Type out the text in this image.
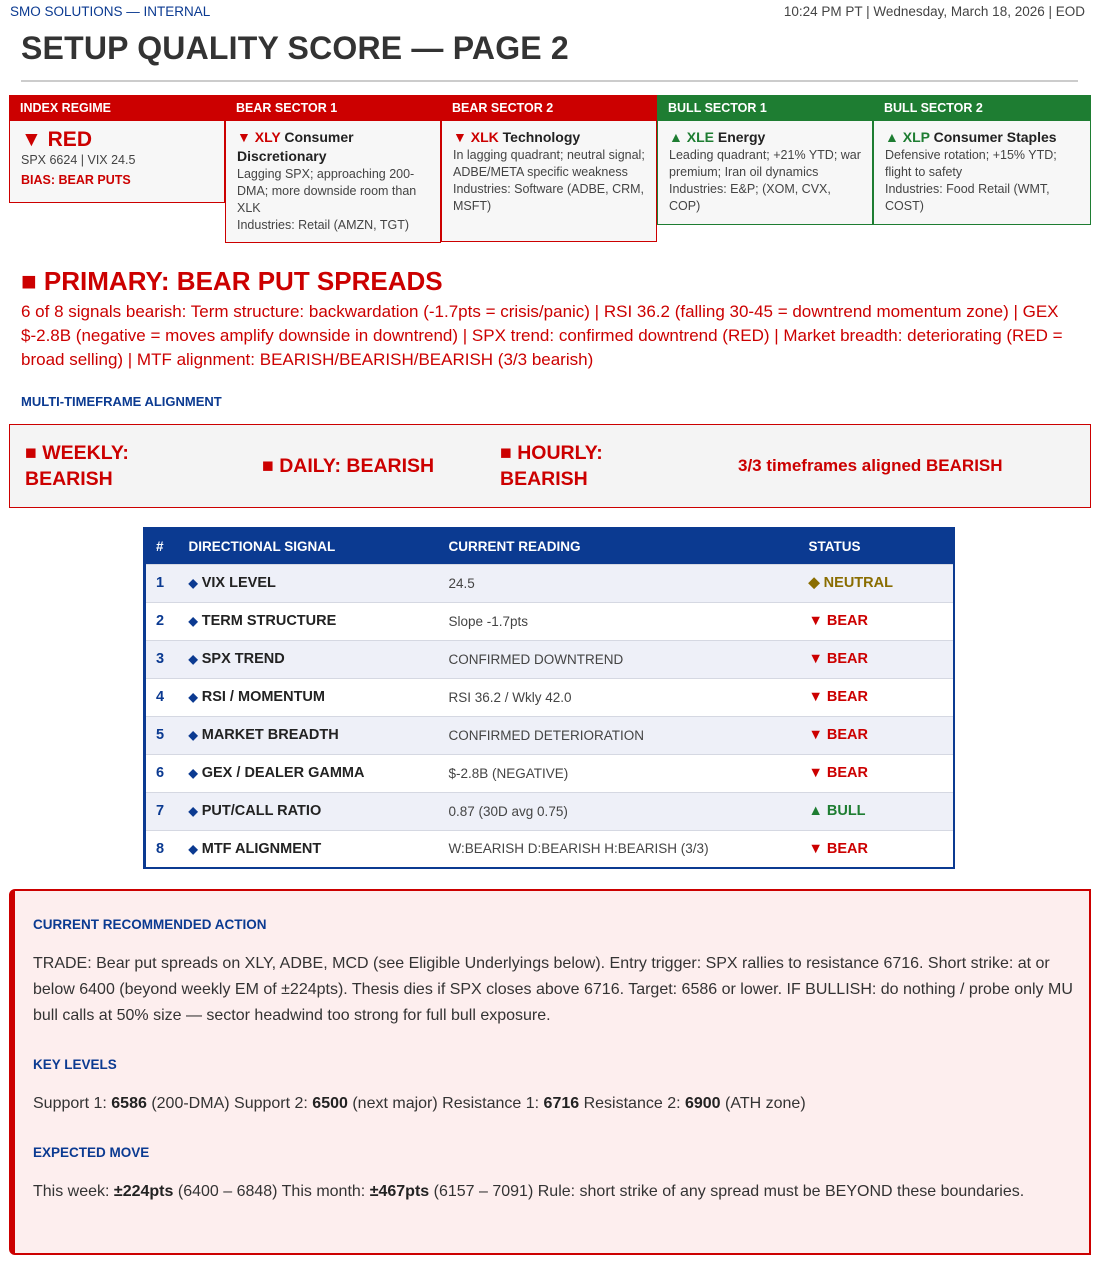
SMO SOLUTIONS — INTERNAL	10:24 PM PT | Wednesday, March 18, 2026 | EOD
SETUP QUALITY SCORE — PAGE 2
INDEX REGIME
▼ RED
SPX 6624 | VIX 24.5
BIAS: BEAR PUTS
BEAR SECTOR 1
▼ XLY Consumer Discretionary
Lagging SPX; approaching 200-DMA; more downside room than XLK
Industries: Retail (AMZN, TGT)
BEAR SECTOR 2
▼ XLK Technology
In lagging quadrant; neutral signal; ADBE/META specific weakness
Industries: Software (ADBE, CRM, MSFT)
BULL SECTOR 1
▲ XLE Energy
Leading quadrant; +21% YTD; war premium; Iran oil dynamics
Industries: E&P; (XOM, CVX, COP)
BULL SECTOR 2
▲ XLP Consumer Staples
Defensive rotation; +15% YTD; flight to safety
Industries: Food Retail (WMT, COST)
■ PRIMARY: BEAR PUT SPREADS
6 of 8 signals bearish: Term structure: backwardation (-1.7pts = crisis/panic) | RSI 36.2 (falling 30-45 = downtrend momentum zone) | GEX $-2.8B (negative = moves amplify downside in downtrend) | SPX trend: confirmed downtrend (RED) | Market breadth: deteriorating (RED = broad selling) | MTF alignment: BEARISH/BEARISH/BEARISH (3/3 bearish)
MULTI-TIMEFRAME ALIGNMENT
■ WEEKLY:
BEARISH
■ DAILY: BEARISH
■ HOURLY:
BEARISH
3/3 timeframes aligned BEARISH
#	DIRECTIONAL SIGNAL	CURRENT READING	STATUS
1	◆ VIX LEVEL	24.5	◆ NEUTRAL
2	◆ TERM STRUCTURE	Slope -1.7pts	▼ BEAR
3	◆ SPX TREND	CONFIRMED DOWNTREND	▼ BEAR
4	◆ RSI / MOMENTUM	RSI 36.2 / Wkly 42.0	▼ BEAR
5	◆ MARKET BREADTH	CONFIRMED DETERIORATION	▼ BEAR
6	◆ GEX / DEALER GAMMA	$-2.8B (NEGATIVE)	▼ BEAR
7	◆ PUT/CALL RATIO	0.87 (30D avg 0.75)	▲ BULL
8	◆ MTF ALIGNMENT	W:BEARISH D:BEARISH H:BEARISH (3/3)	▼ BEAR
CURRENT RECOMMENDED ACTION
TRADE: Bear put spreads on XLY, ADBE, MCD (see Eligible Underlyings below). Entry trigger: SPX rallies to resistance 6716. Short strike: at or below 6400 (beyond weekly EM of ±224pts). Thesis dies if SPX closes above 6716. Target: 6586 or lower. IF BULLISH: do nothing / probe only MU bull calls at 50% size — sector headwind too strong for full bull exposure.
KEY LEVELS
Support 1: 6586 (200-DMA) Support 2: 6500 (next major) Resistance 1: 6716 Resistance 2: 6900 (ATH zone)
EXPECTED MOVE
This week: ±224pts (6400 – 6848) This month: ±467pts (6157 – 7091) Rule: short strike of any spread must be BEYOND these boundaries.
